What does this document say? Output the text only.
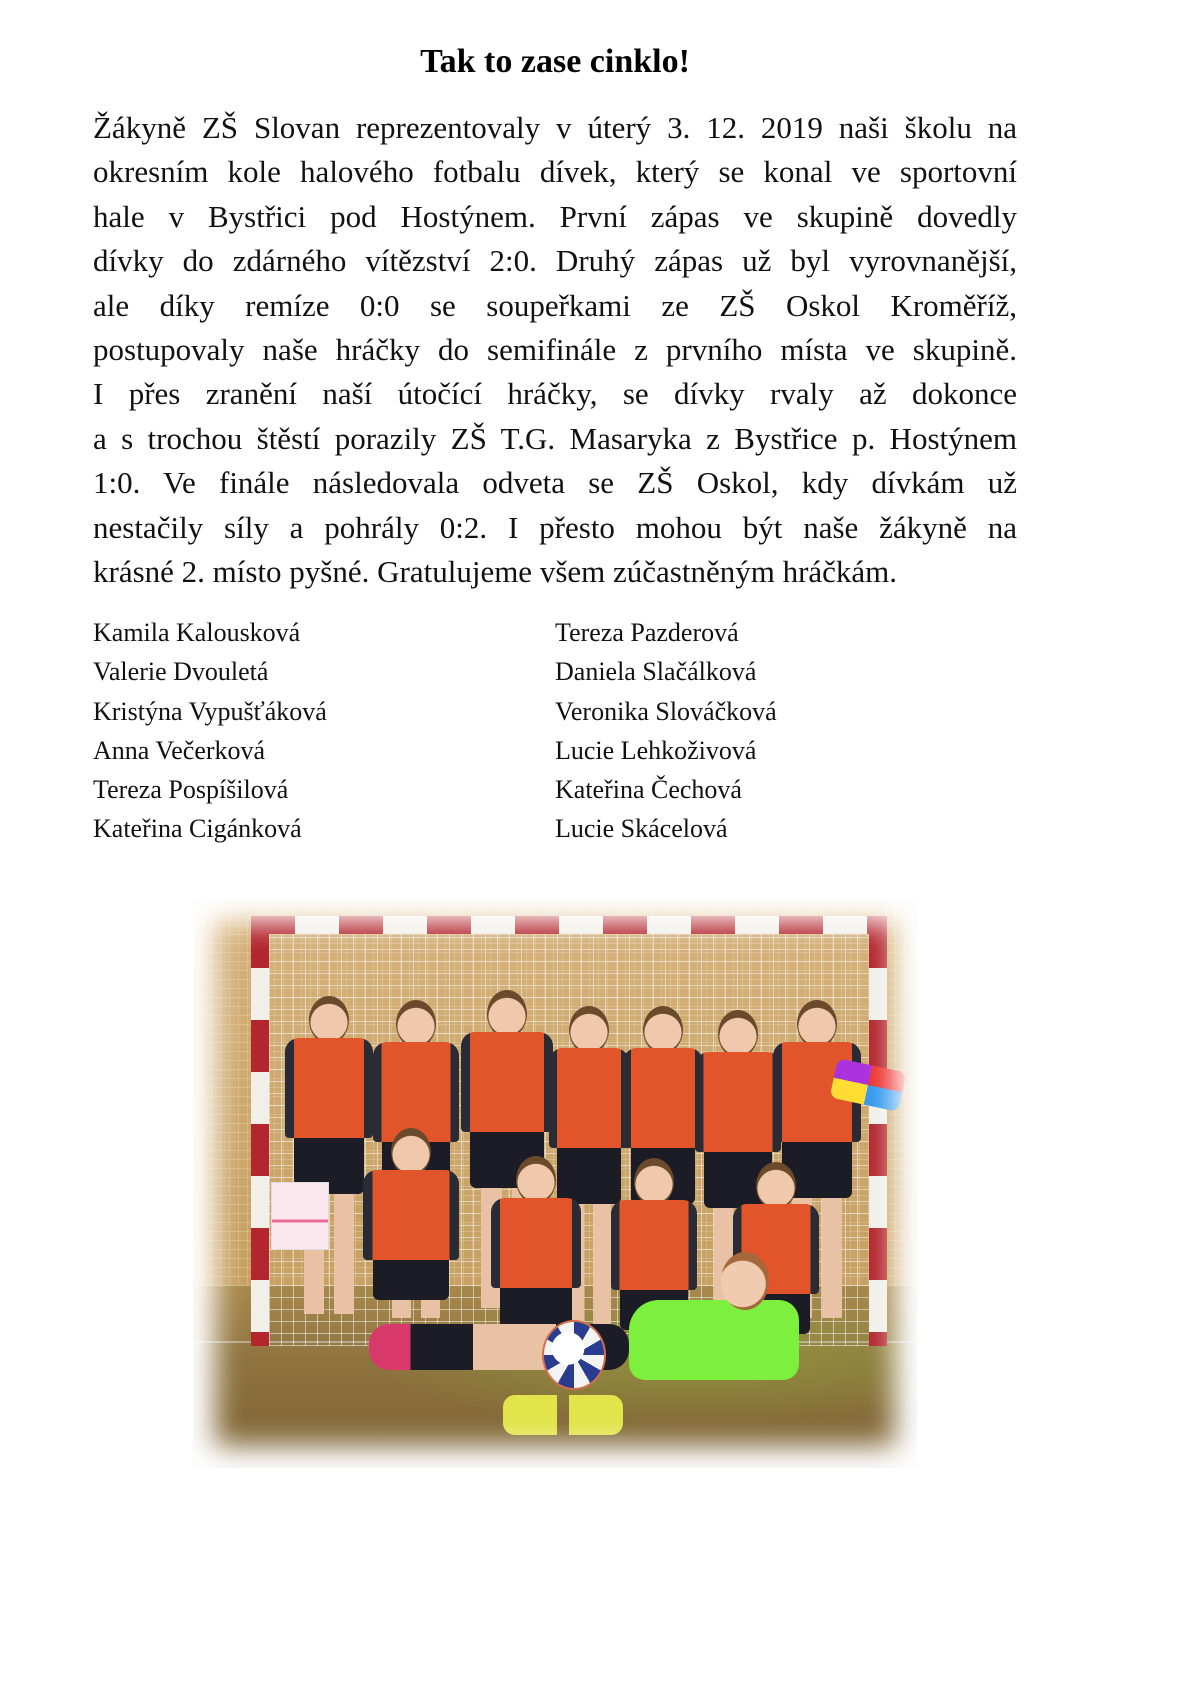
Tak to zase cinklo!
Žákyně ZŠ Slovan reprezentovaly v úterý 3. 12. 2019 naši školu na
okresním kole halového fotbalu dívek, který se konal ve sportovní
hale v Bystřici pod Hostýnem. První zápas ve skupině dovedly
dívky do zdárného vítězství 2:0. Druhý zápas už byl vyrovnanější,
ale díky remíze 0:0 se soupeřkami ze ZŠ Oskol Kroměříž,
postupovaly naše hráčky do semifinále z prvního místa ve skupině.
I přes zranění naší útočící hráčky, se dívky rvaly až dokonce
a s trochou štěstí porazily ZŠ T.G. Masaryka z Bystřice p. Hostýnem
1:0. Ve finále následovala odveta se ZŠ Oskol, kdy dívkám už
nestačily síly a pohrály 0:2. I přesto mohou být naše žákyně na
krásné 2. místo pyšné. Gratulujeme všem zúčastněným hráčkám.
Kamila Kalousková
Valerie Dvouletá
Kristýna Vypušťáková
Anna Večerková
Tereza Pospíšilová
Kateřina Cigánková
Tereza Pazderová
Daniela Slačálková
Veronika Slováčková
Lucie Lehkoživová
Kateřina Čechová
Lucie Skácelová
